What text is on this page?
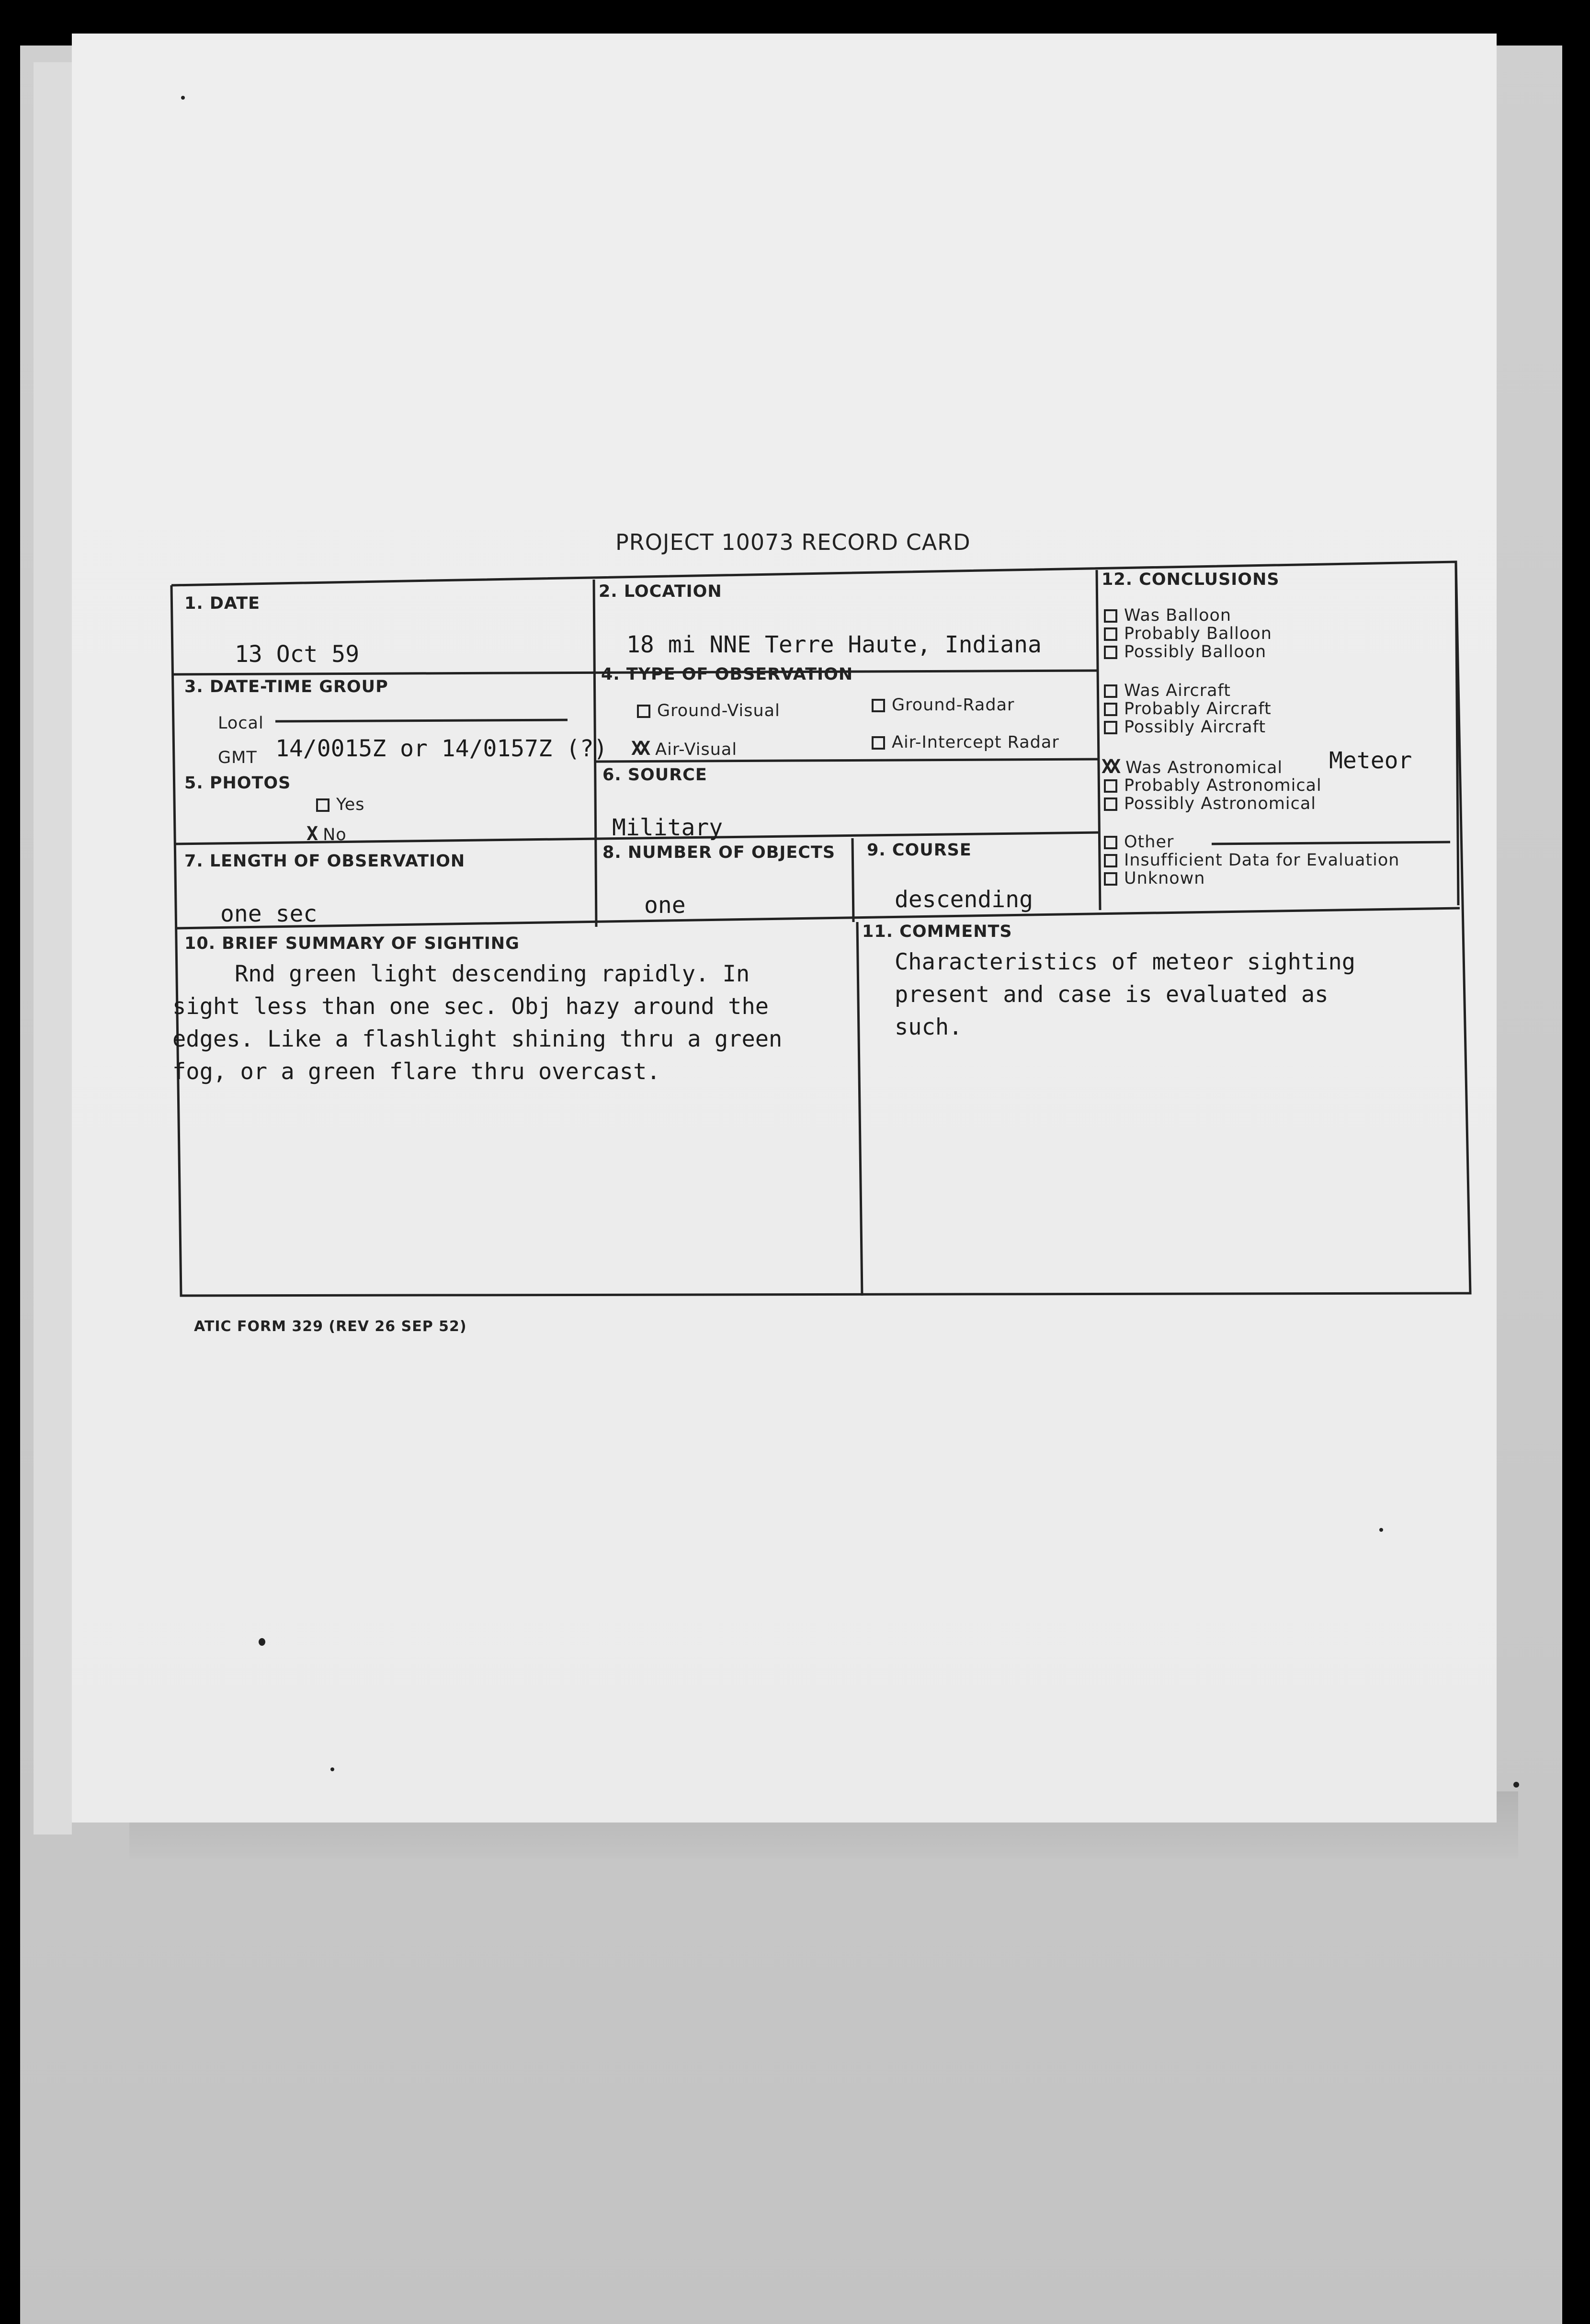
PROJECT 10073 RECORD CARD
1. DATE
13 Oct 59
2. LOCATION
18 mi NNE Terre Haute, Indiana
3. DATE-TIME GROUP
Local
GMT 14/0015Z or 14/0157Z (?)
4. TYPE OF OBSERVATION
Ground-Visual	Ground-Radar
XX Air-Visual	Air-Intercept Radar
5. PHOTOS
Yes
X No
6. SOURCE
Military
7. LENGTH OF OBSERVATION
one sec
8. NUMBER OF OBJECTS
one
9. COURSE
descending
10. BRIEF SUMMARY OF SIGHTING
Rnd green light descending rapidly. In
sight less than one sec. Obj hazy around the
edges. Like a flashlight shining thru a green
fog, or a green flare thru overcast.
11. COMMENTS
Characteristics of meteor sighting
present and case is evaluated as
such.
12. CONCLUSIONS
Was Balloon
Probably Balloon
Possibly Balloon
Was Aircraft
Probably Aircraft
Possibly Aircraft
XX Was Astronomical Meteor
Probably Astronomical
Possibly Astronomical
Other
Insufficient Data for Evaluation
Unknown
ATIC FORM 329 (REV 26 SEP 52)
